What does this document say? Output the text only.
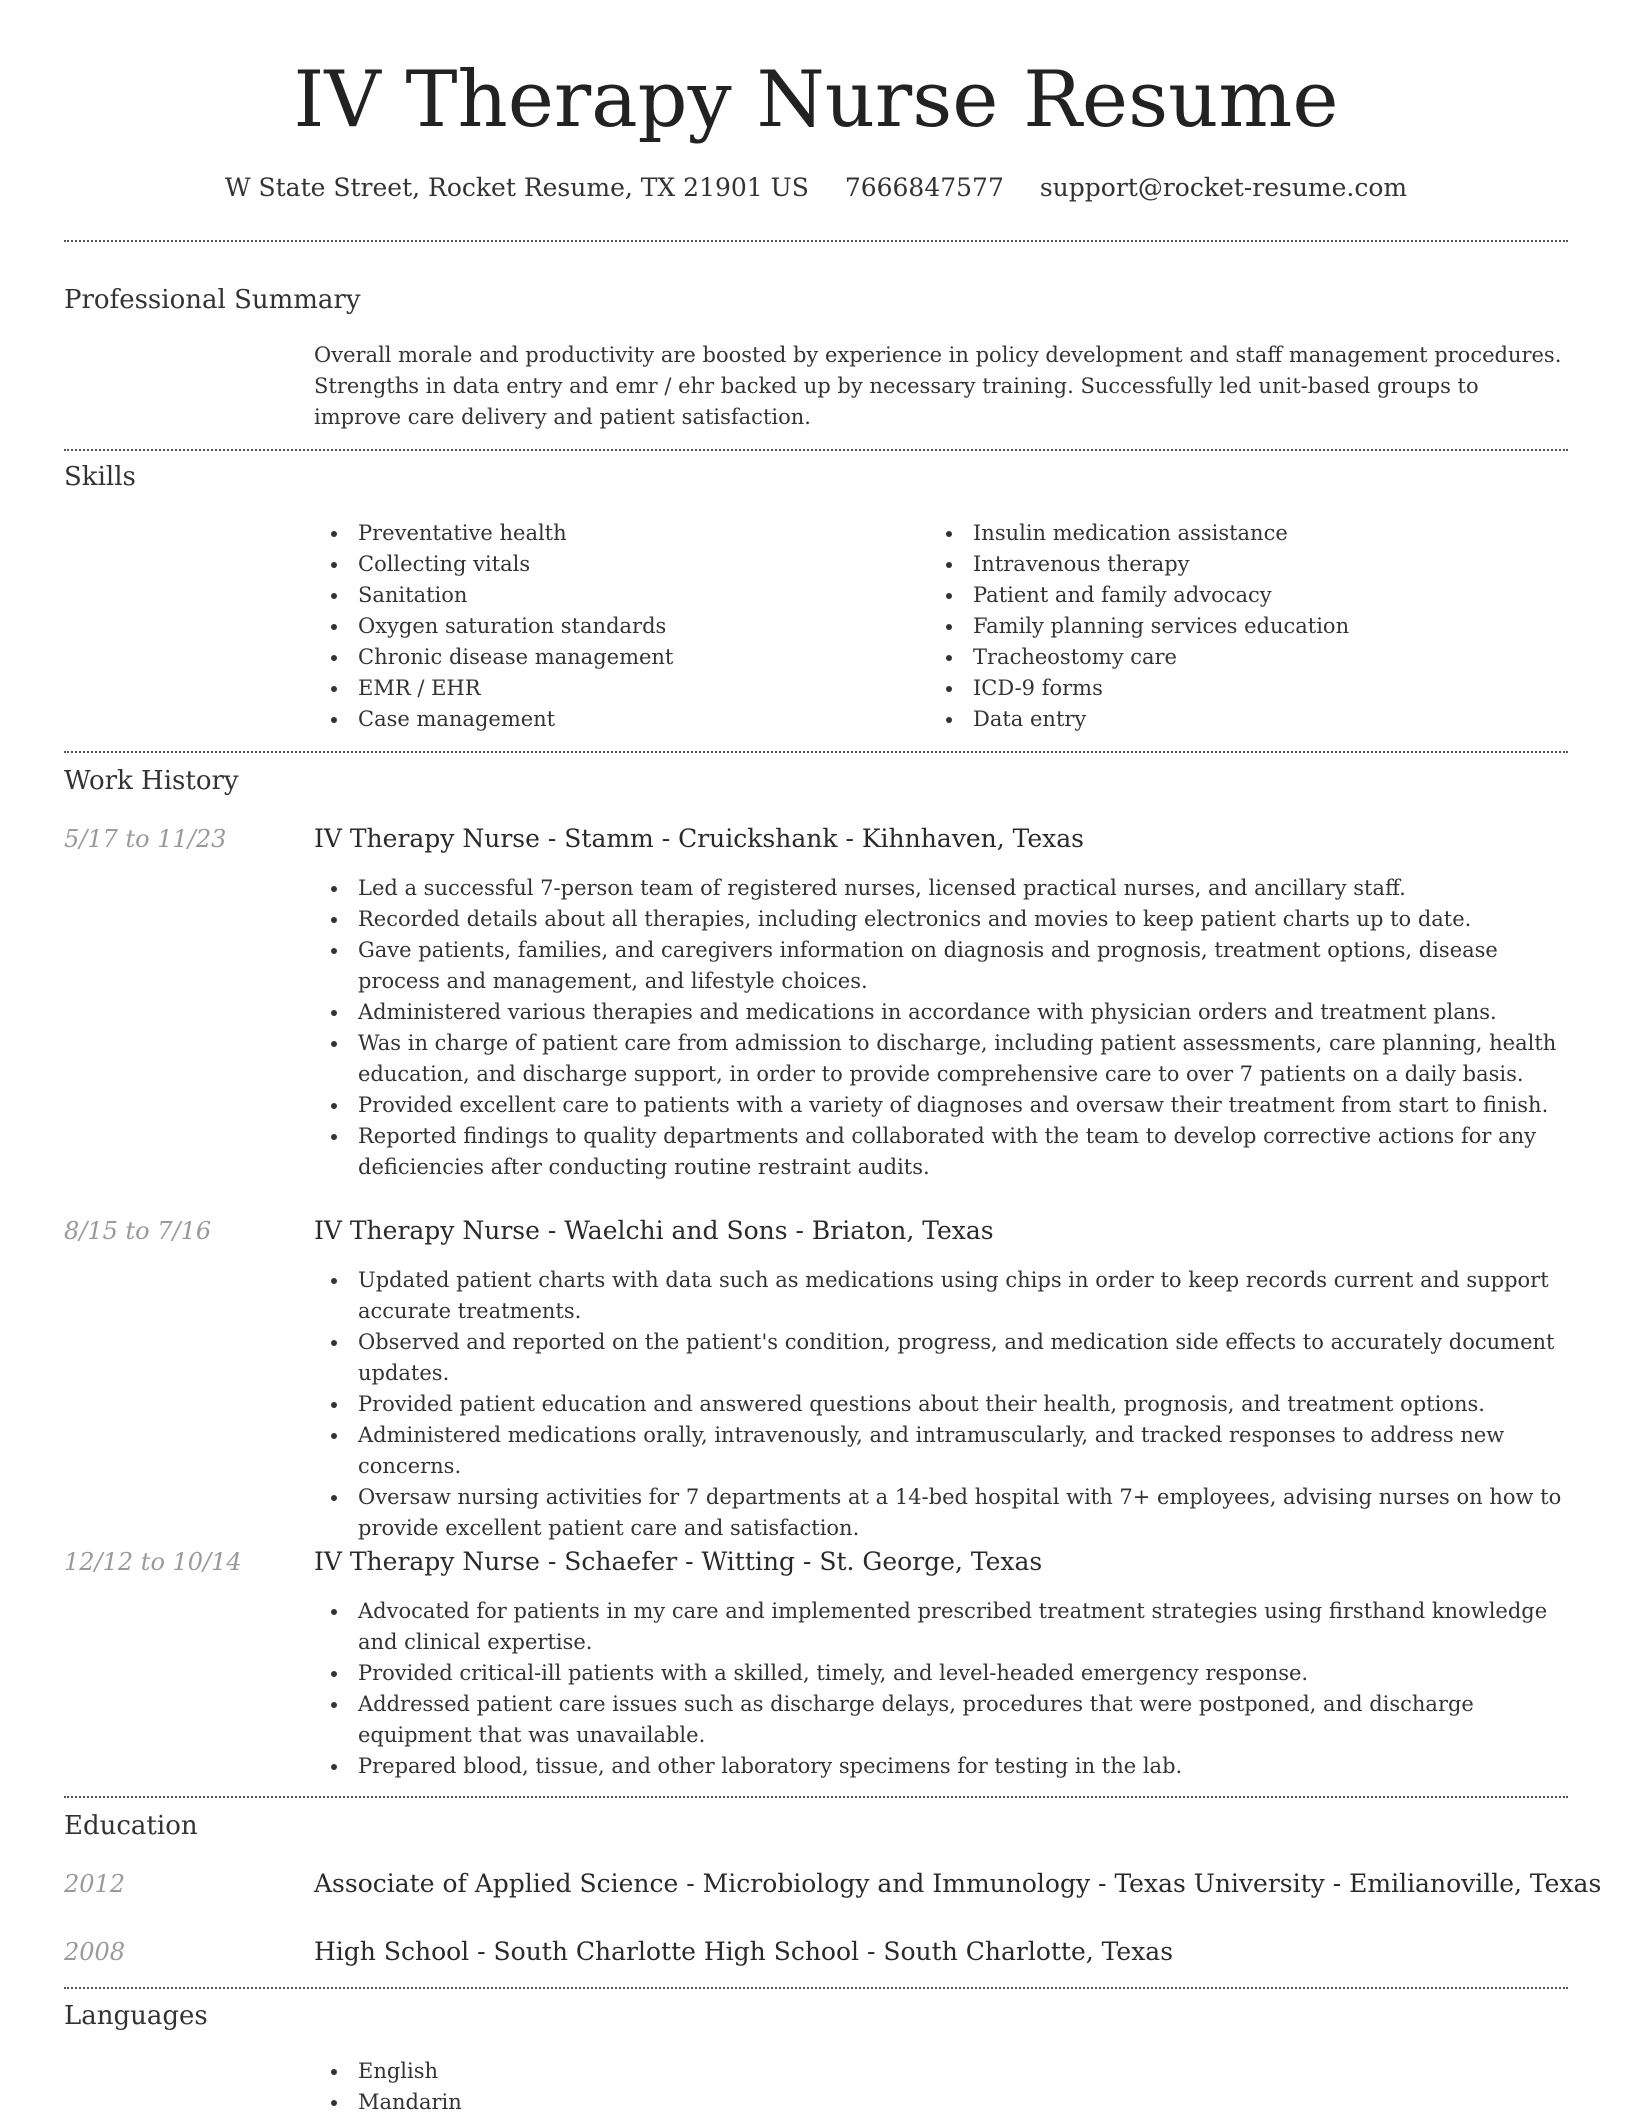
IV Therapy Nurse Resume
W State Street, Rocket Resume, TX 21901 US 7666847577 support@rocket-resume.com
Professional Summary

Overall morale and productivity are boosted by experience in policy development and staff management procedures. Strengths in data entry and emr / ehr backed up by necessary training. Successfully led unit-based groups to improve care delivery and patient satisfaction.

Skills
Preventative health
Collecting vitals
Sanitation
Oxygen saturation standards
Chronic disease management
EMR / EHR
Case management
Insulin medication assistance
Intravenous therapy
Patient and family advocacy
Family planning services education
Tracheostomy care
ICD-9 forms
Data entry
Work History
5/17 to 11/23	IV Therapy Nurse - Stamm - Cruickshank - Kihnhaven, Texas
Led a successful 7-person team of registered nurses, licensed practical nurses, and ancillary staff.
Recorded details about all therapies, including electronics and movies to keep patient charts up to date.
Gave patients, families, and caregivers information on diagnosis and prognosis, treatment options, disease process and management, and lifestyle choices.
Administered various therapies and medications in accordance with physician orders and treatment plans.
Was in charge of patient care from admission to discharge, including patient assessments, care planning, health education, and discharge support, in order to provide comprehensive care to over 7 patients on a daily basis.
Provided excellent care to patients with a variety of diagnoses and oversaw their treatment from start to finish.
Reported findings to quality departments and collaborated with the team to develop corrective actions for any deficiencies after conducting routine restraint audits.
8/15 to 7/16	IV Therapy Nurse - Waelchi and Sons - Briaton, Texas
Updated patient charts with data such as medications using chips in order to keep records current and support accurate treatments.
Observed and reported on the patient's condition, progress, and medication side effects to accurately document updates.
Provided patient education and answered questions about their health, prognosis, and treatment options.
Administered medications orally, intravenously, and intramuscularly, and tracked responses to address new concerns.
Oversaw nursing activities for 7 departments at a 14-bed hospital with 7+ employees, advising nurses on how to provide excellent patient care and satisfaction.
12/12 to 10/14	IV Therapy Nurse - Schaefer - Witting - St. George, Texas
Advocated for patients in my care and implemented prescribed treatment strategies using firsthand knowledge and clinical expertise.
Provided critical-ill patients with a skilled, timely, and level-headed emergency response.
Addressed patient care issues such as discharge delays, procedures that were postponed, and discharge equipment that was unavailable.
Prepared blood, tissue, and other laboratory specimens for testing in the lab.
Education
2012	Associate of Applied Science - Microbiology and Immunology - Texas University - Emilianoville, Texas
2008	High School - South Charlotte High School - South Charlotte, Texas
Languages
English
Mandarin
